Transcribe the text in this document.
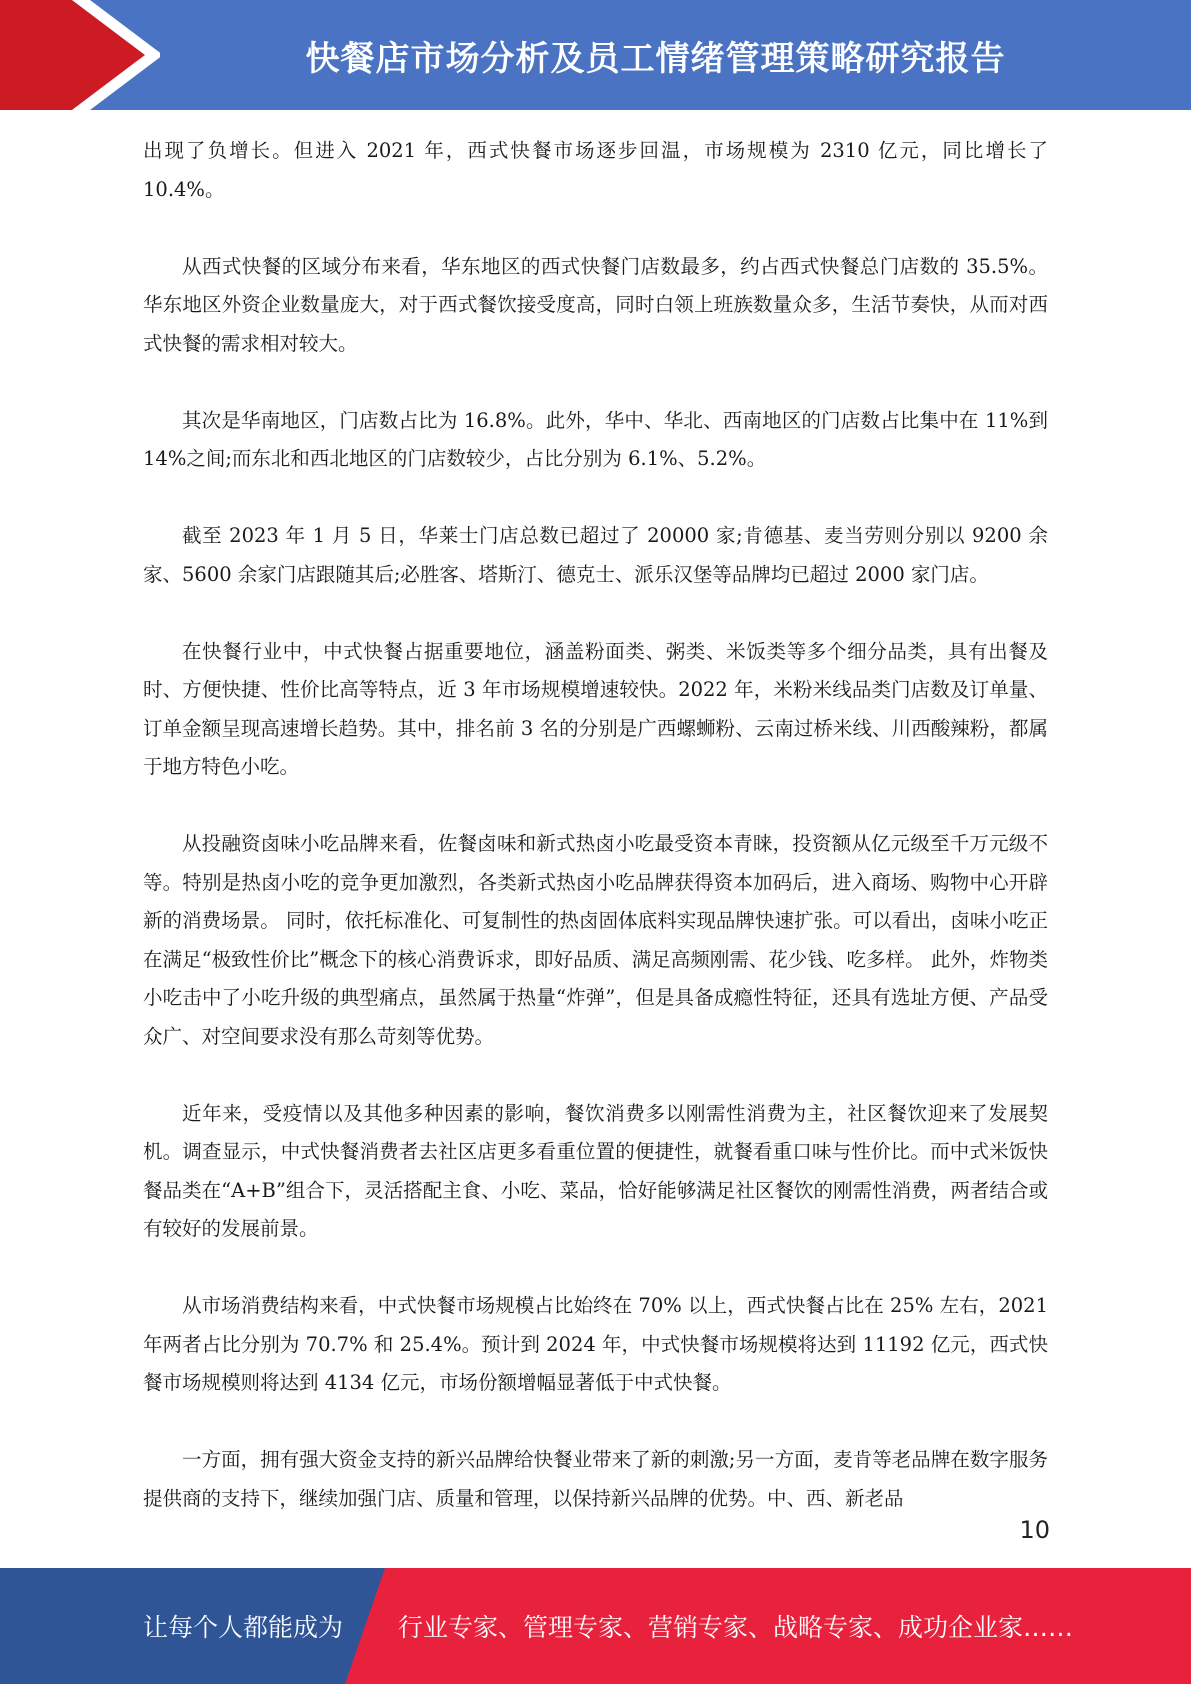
快餐店市场分析及员工情绪管理策略研究报告

出现了负增长。但进入 2021 年，西式快餐市场逐步回温，市场规模为 2310 亿元，同比增长了 10.4%。

从西式快餐的区域分布来看，华东地区的西式快餐门店数最多，约占西式快餐总门店数的 35.5%。华东地区外资企业数量庞大，对于西式餐饮接受度高，同时白领上班族数量众多，生活节奏快，从而对西式快餐的需求相对较大。

其次是华南地区，门店数占比为 16.8%。此外，华中、华北、西南地区的门店数占比集中在 11%到 14%之间;而东北和西北地区的门店数较少，占比分别为 6.1%、5.2%。

截至 2023 年 1 月 5 日，华莱士门店总数已超过了 20000 家;肯德基、麦当劳则分别以 9200 余家、5600 余家门店跟随其后;必胜客、塔斯汀、德克士、派乐汉堡等品牌均已超过 2000 家门店。

在快餐行业中，中式快餐占据重要地位，涵盖粉面类、粥类、米饭类等多个细分品类，具有出餐及时、方便快捷、性价比高等特点，近 3 年市场规模增速较快。2022 年，米粉米线品类门店数及订单量、订单金额呈现高速增长趋势。其中，排名前 3 名的分别是广西螺蛳粉、云南过桥米线、川西酸辣粉，都属于地方特色小吃。

从投融资卤味小吃品牌来看，佐餐卤味和新式热卤小吃最受资本青睐，投资额从亿元级至千万元级不等。特别是热卤小吃的竞争更加激烈，各类新式热卤小吃品牌获得资本加码后，进入商场、购物中心开辟新的消费场景。 同时，依托标准化、可复制性的热卤固体底料实现品牌快速扩张。可以看出，卤味小吃正在满足“极致性价比”概念下的核心消费诉求，即好品质、满足高频刚需、花少钱、吃多样。 此外，炸物类小吃击中了小吃升级的典型痛点，虽然属于热量“炸弹”，但是具备成瘾性特征，还具有选址方便、产品受众广、对空间要求没有那么苛刻等优势。

近年来，受疫情以及其他多种因素的影响，餐饮消费多以刚需性消费为主，社区餐饮迎来了发展契机。调查显示，中式快餐消费者去社区店更多看重位置的便捷性，就餐看重口味与性价比。而中式米饭快餐品类在“A+B”组合下，灵活搭配主食、小吃、菜品，恰好能够满足社区餐饮的刚需性消费，两者结合或有较好的发展前景。

从市场消费结构来看，中式快餐市场规模占比始终在 70% 以上，西式快餐占比在 25% 左右，2021 年两者占比分别为 70.7% 和 25.4%。预计到 2024 年，中式快餐市场规模将达到 11192 亿元，西式快餐市场规模则将达到 4134 亿元，市场份额增幅显著低于中式快餐。

一方面，拥有强大资金支持的新兴品牌给快餐业带来了新的刺激;另一方面，麦肯等老品牌在数字服务提供商的支持下，继续加强门店、质量和管理，以保持新兴品牌的优势。中、西、新老品

10
让每个人都能成为 行业专家、管理专家、营销专家、战略专家、成功企业家……
